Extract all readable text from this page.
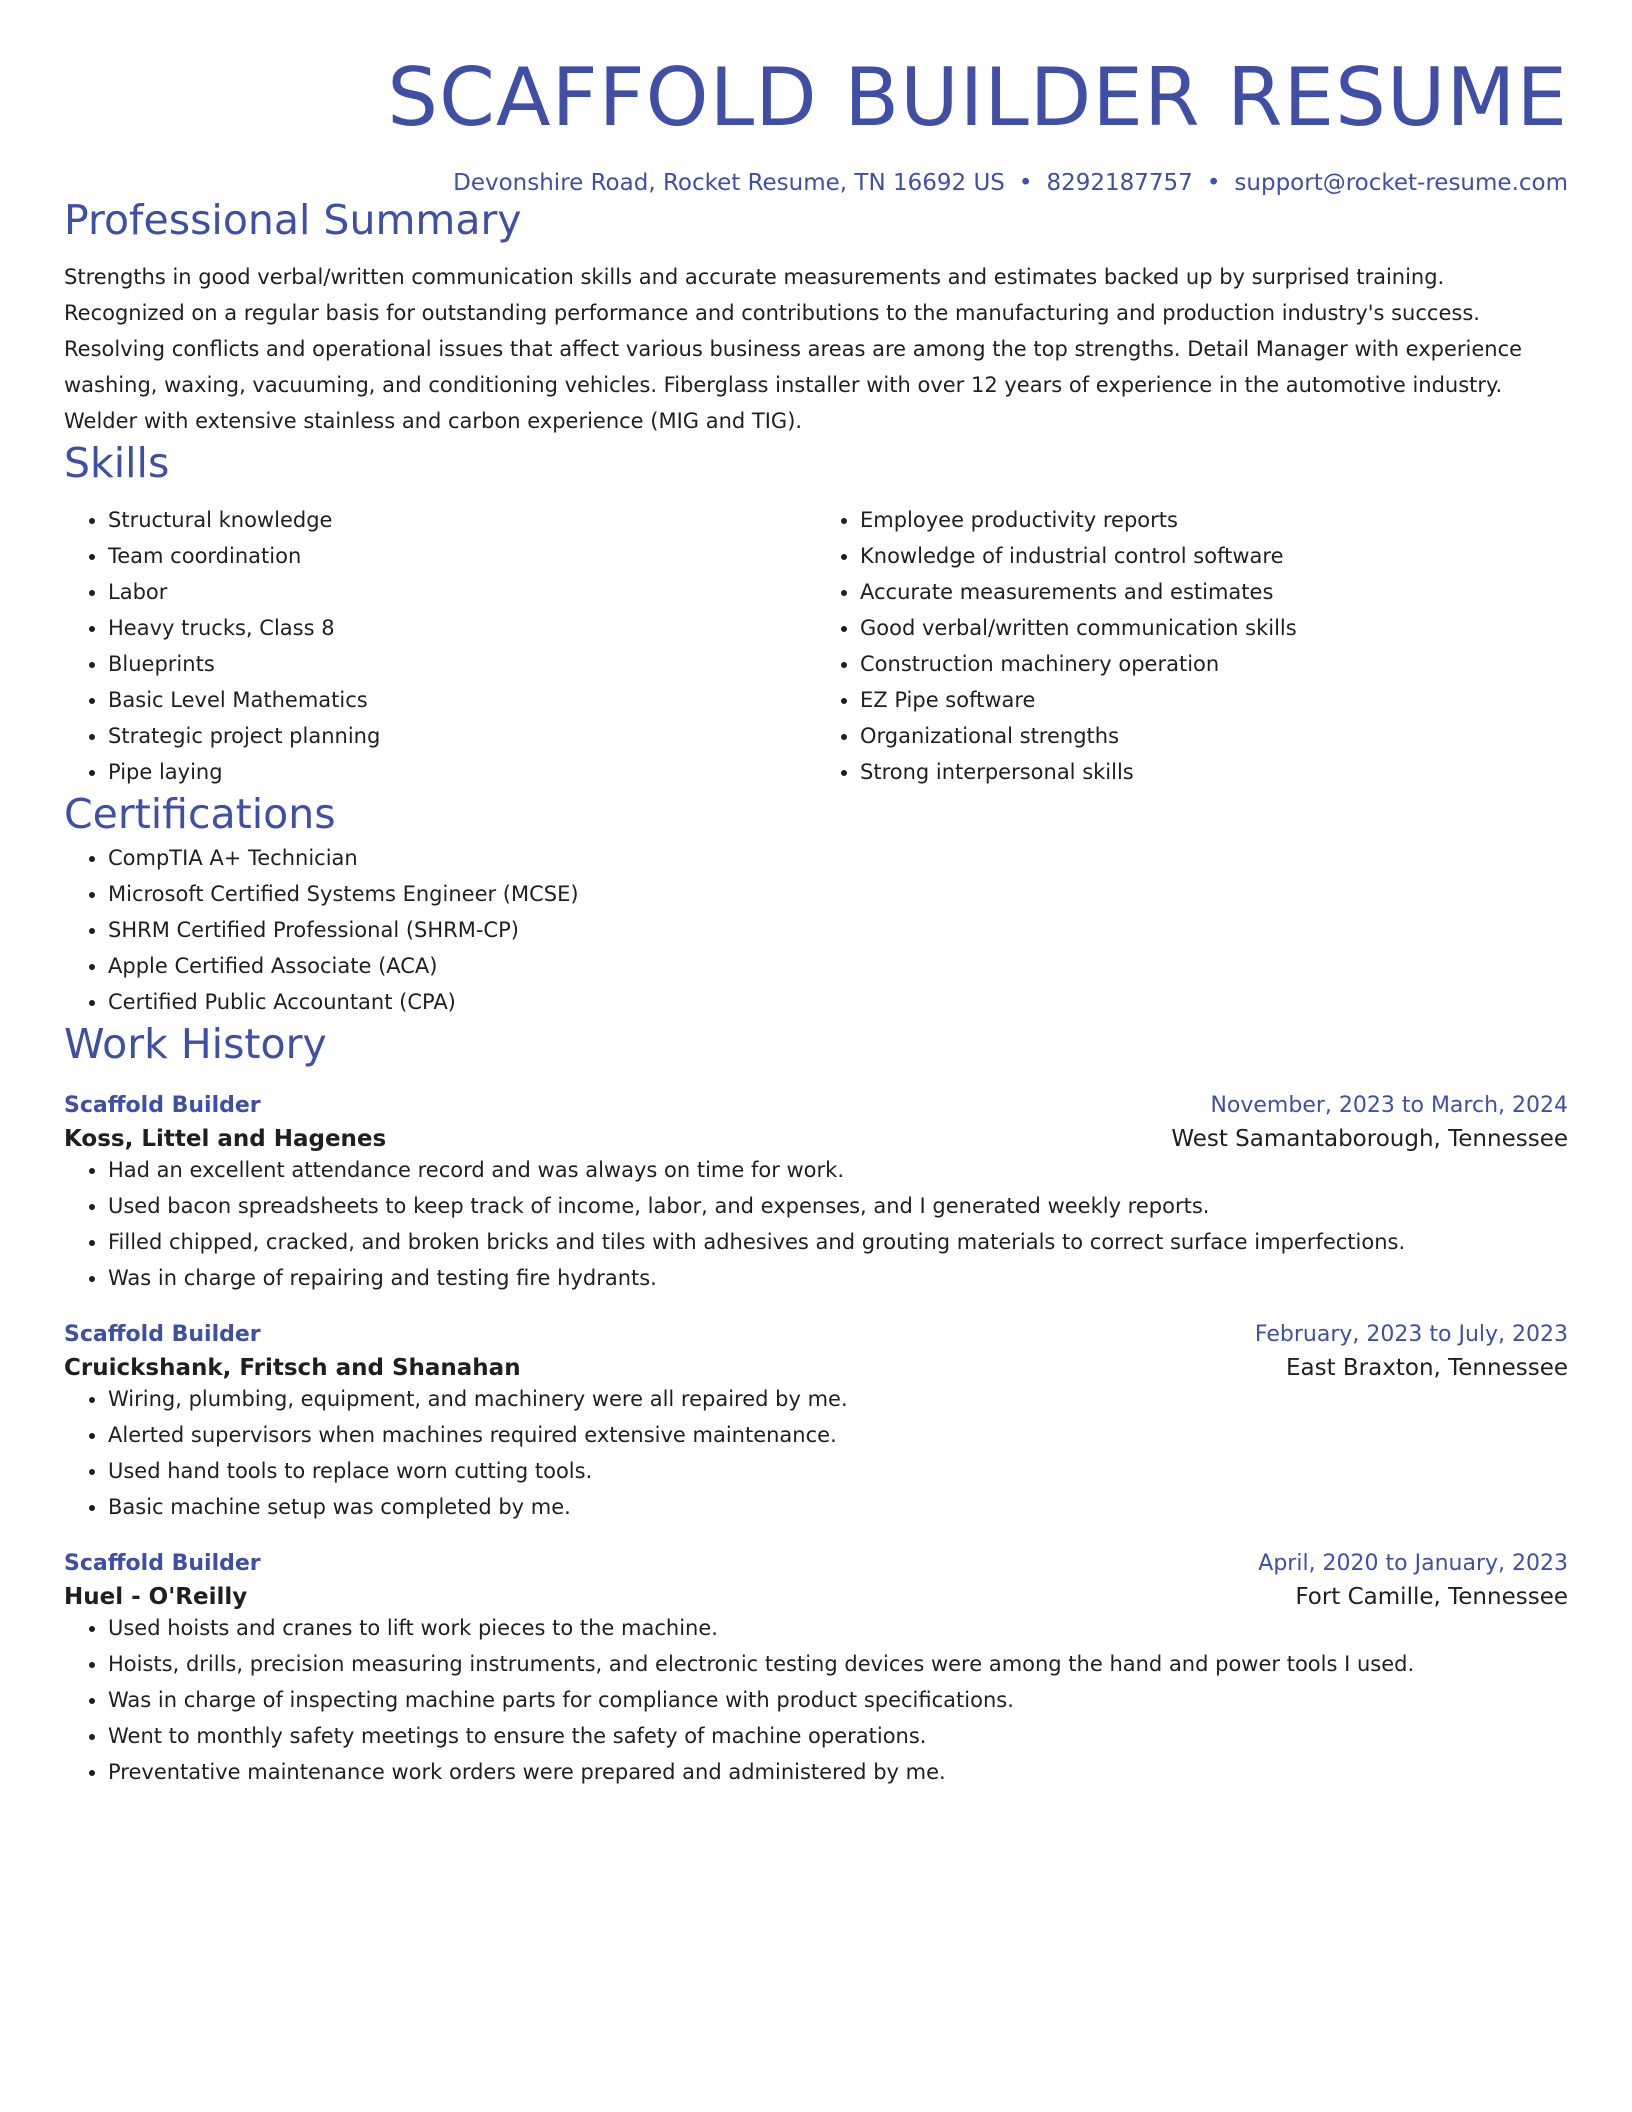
SCAFFOLD BUILDER RESUME
Devonshire Road, Rocket Resume, TN 16692 US • 8292187757 • support@rocket-resume.com
Professional Summary

Strengths in good verbal/written communication skills and accurate measurements and estimates backed up by surprised training. Recognized on a regular basis for outstanding performance and contributions to the manufacturing and production industry's success. Resolving conflicts and operational issues that affect various business areas are among the top strengths. Detail Manager with experience washing, waxing, vacuuming, and conditioning vehicles. Fiberglass installer with over 12 years of experience in the automotive industry. Welder with extensive stainless and carbon experience (MIG and TIG).

Skills
• Structural knowledge
• Team coordination
• Labor
• Heavy trucks, Class 8
• Blueprints
• Basic Level Mathematics
• Strategic project planning
• Pipe laying
• Employee productivity reports
• Knowledge of industrial control software
• Accurate measurements and estimates
• Good verbal/written communication skills
• Construction machinery operation
• EZ Pipe software
• Organizational strengths
• Strong interpersonal skills
Certifications
• CompTIA A+ Technician
• Microsoft Certified Systems Engineer (MCSE)
• SHRM Certified Professional (SHRM-CP)
• Apple Certified Associate (ACA)
• Certified Public Accountant (CPA)
Work History
Scaffold Builder	November, 2023 to March, 2024
Koss, Littel and Hagenes	West Samantaborough, Tennessee
• Had an excellent attendance record and was always on time for work.
• Used bacon spreadsheets to keep track of income, labor, and expenses, and I generated weekly reports.
• Filled chipped, cracked, and broken bricks and tiles with adhesives and grouting materials to correct surface imperfections.
• Was in charge of repairing and testing fire hydrants.
Scaffold Builder	February, 2023 to July, 2023
Cruickshank, Fritsch and Shanahan	East Braxton, Tennessee
• Wiring, plumbing, equipment, and machinery were all repaired by me.
• Alerted supervisors when machines required extensive maintenance.
• Used hand tools to replace worn cutting tools.
• Basic machine setup was completed by me.
Scaffold Builder	April, 2020 to January, 2023
Huel - O'Reilly	Fort Camille, Tennessee
• Used hoists and cranes to lift work pieces to the machine.
• Hoists, drills, precision measuring instruments, and electronic testing devices were among the hand and power tools I used.
• Was in charge of inspecting machine parts for compliance with product specifications.
• Went to monthly safety meetings to ensure the safety of machine operations.
• Preventative maintenance work orders were prepared and administered by me.
